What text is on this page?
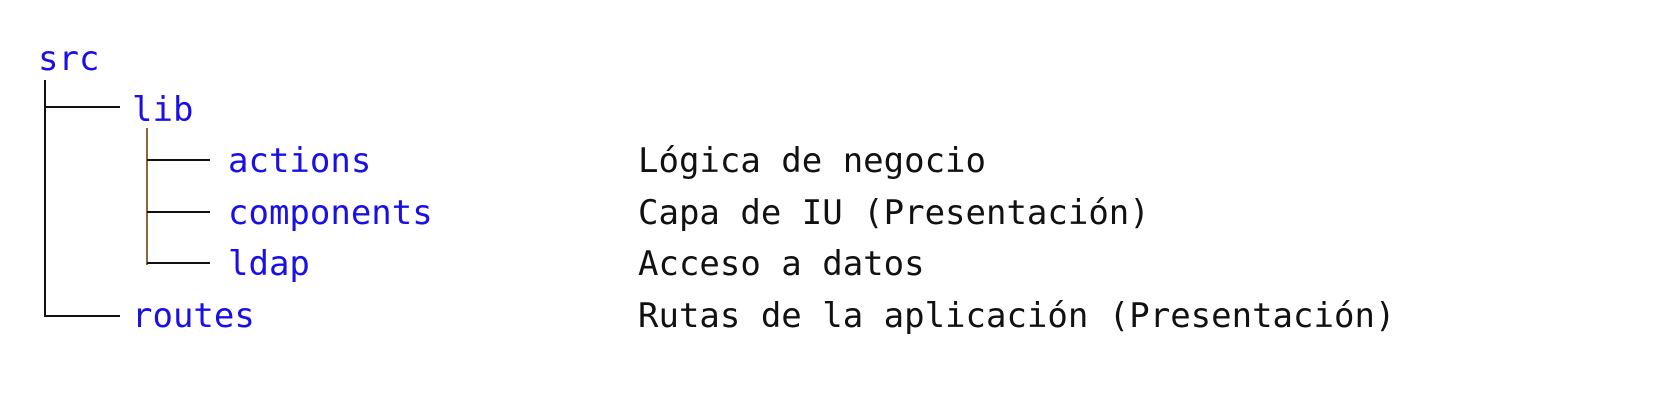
src
lib
actions
components
ldap
routes
Lógica de negocio
Capa de IU (Presentación)
Acceso a datos
Rutas de la aplicación (Presentación)
